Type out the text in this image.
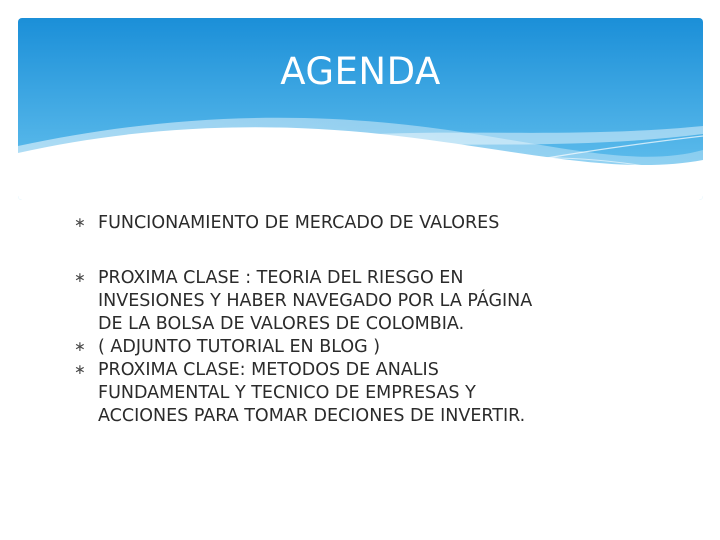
AGENDA
∗ FUNCIONAMIENTO DE MERCADO DE VALORES
∗ PROXIMA CLASE : TEORIA DEL RIESGO EN
INVESIONES Y HABER NAVEGADO POR LA PÁGINA
DE LA BOLSA DE VALORES DE COLOMBIA.
∗ ( ADJUNTO TUTORIAL EN BLOG )
∗ PROXIMA CLASE: METODOS DE ANALIS
FUNDAMENTAL Y TECNICO DE EMPRESAS Y
ACCIONES PARA TOMAR DECIONES DE INVERTIR.
